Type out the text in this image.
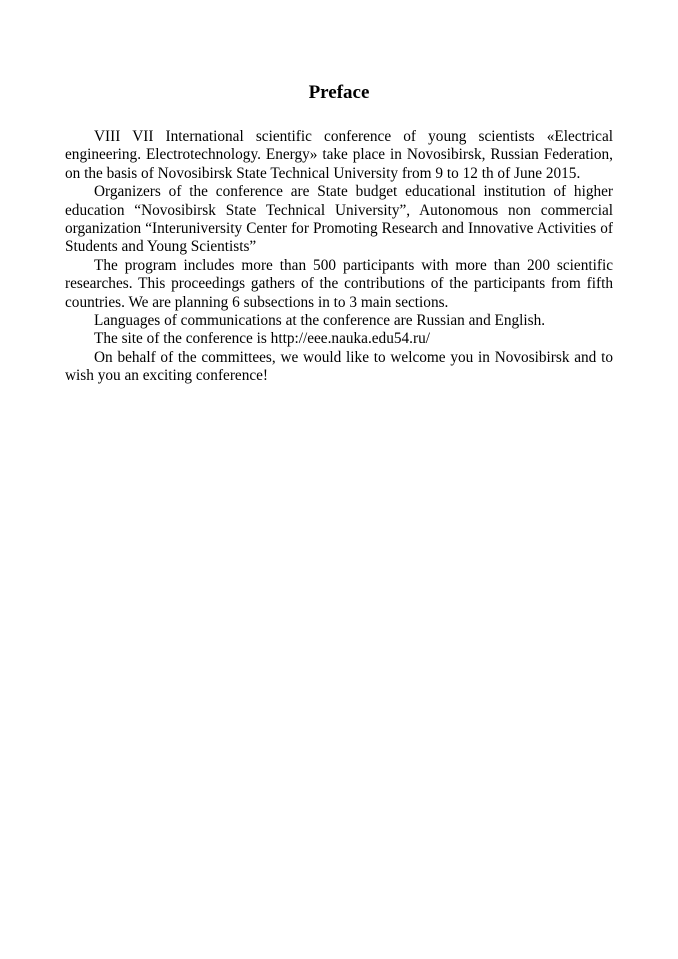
Preface

VIII VII International scientific conference of young scientists «Electrical engineering. Electrotechnology. Energy» take place in Novosibirsk, Russian Federation, on the basis of Novosibirsk State Technical University from 9 to 12 th of June 2015.

Organizers of the conference are State budget educational institution of higher education “Novosibirsk State Technical University”, Autonomous non commercial organization “Interuniversity Center for Promoting Research and Innovative Activities of Students and Young Scientists”

The program includes more than 500 participants with more than 200 scientific researches. This proceedings gathers of the contributions of the participants from fifth countries. We are planning 6 subsections in to 3 main sections.

Languages of communications at the conference are Russian and English.

The site of the conference is http://eee.nauka.edu54.ru/

On behalf of the committees, we would like to welcome you in Novosibirsk and to wish you an exciting conference!
